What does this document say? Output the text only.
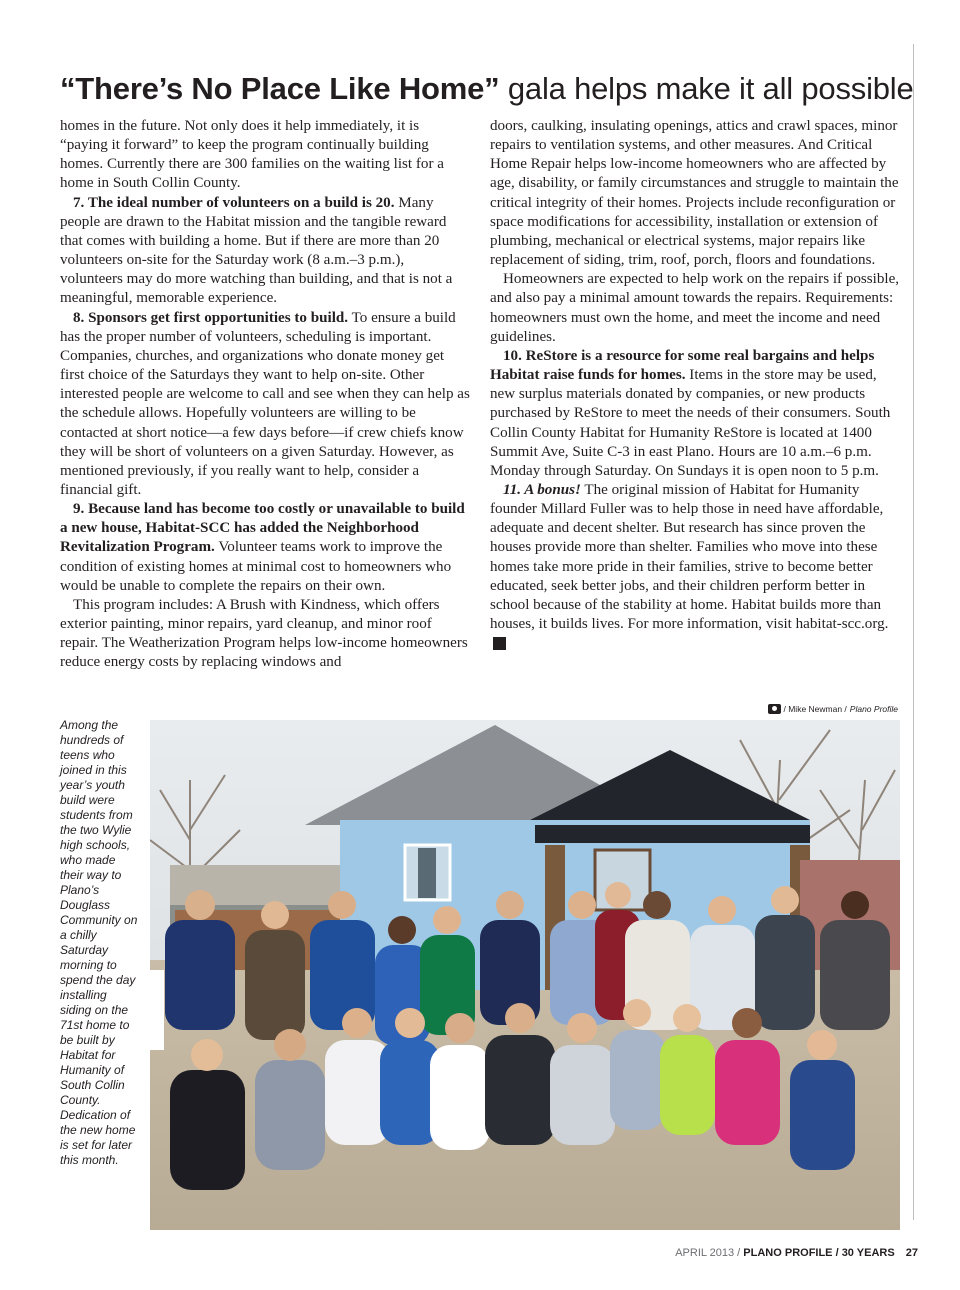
“There’s No Place Like Home” gala helps make it all possible

homes in the future. Not only does it help immediately, it is “paying it forward” to keep the program continually building homes. Currently there are 300 families on the waiting list for a home in South Collin County.

7. The ideal number of volunteers on a build is 20. Many people are drawn to the Habitat mission and the tangible reward that comes with building a home. But if there are more than 20 volunteers on-site for the Saturday work (8 a.m.–3 p.m.), volunteers may do more watching than building, and that is not a meaningful, memorable experience.

8. Sponsors get first opportunities to build. To ensure a build has the proper number of volunteers, scheduling is important. Companies, churches, and organizations who donate money get first choice of the Saturdays they want to help on-site. Other interested people are welcome to call and see when they can help as the schedule allows. Hopefully volunteers are willing to be contacted at short notice—a few days before—if crew chiefs know they will be short of volunteers on a given Saturday. However, as mentioned previously, if you really want to help, consider a financial gift.

9. Because land has become too costly or unavailable to build a new house, Habitat-SCC has added the Neighborhood Revitalization Program. Volunteer teams work to improve the condition of existing homes at minimal cost to homeowners who would be unable to complete the repairs on their own.

This program includes: A Brush with Kindness, which offers exterior painting, minor repairs, yard cleanup, and minor roof repair. The Weatherization Program helps low-income homeowners reduce energy costs by replacing windows and

doors, caulking, insulating openings, attics and crawl spaces, minor repairs to ventilation systems, and other measures. And Critical Home Repair helps low-income homeowners who are affected by age, disability, or family circumstances and struggle to maintain the critical integrity of their homes. Projects include reconfiguration or space modifications for accessibility, installation or extension of plumbing, mechanical or electrical systems, major repairs like replacement of siding, trim, roof, porch, floors and foundations.

Homeowners are expected to help work on the repairs if possible, and also pay a minimal amount towards the repairs. Requirements: homeowners must own the home, and meet the income and need guidelines.

10. ReStore is a resource for some real bargains and helps Habitat raise funds for homes. Items in the store may be used, new surplus materials donated by companies, or new products purchased by ReStore to meet the needs of their consumers. South Collin County Habitat for Humanity ReStore is located at 1400 Summit Ave, Suite C-3 in east Plano. Hours are 10 a.m.–6 p.m. Monday through Saturday. On Sundays it is open noon to 5 p.m.

11. A bonus! The original mission of Habitat for Humanity founder Millard Fuller was to help those in need have affordable, adequate and decent shelter. But research has since proven the houses provide more than shelter. Families who move into these homes take more pride in their families, strive to become better educated, seek better jobs, and their children perform better in school because of the stability at home. Habitat builds more than houses, it builds lives. For more information, visit habitat-scc.org.p

/ Mike Newman / Plano Profile

Among the hundreds of teens who joined in this year’s youth build were students from the two Wylie high schools, who made their way to Plano’s Douglass Community on a chilly Saturday morning to spend the day installing siding on the 71st home to be built by Habitat for Humanity of South Collin County. Dedication of the new home is set for later this month.

APRIL 2013 / PLANO PROFILE / 30 YEARS 27
